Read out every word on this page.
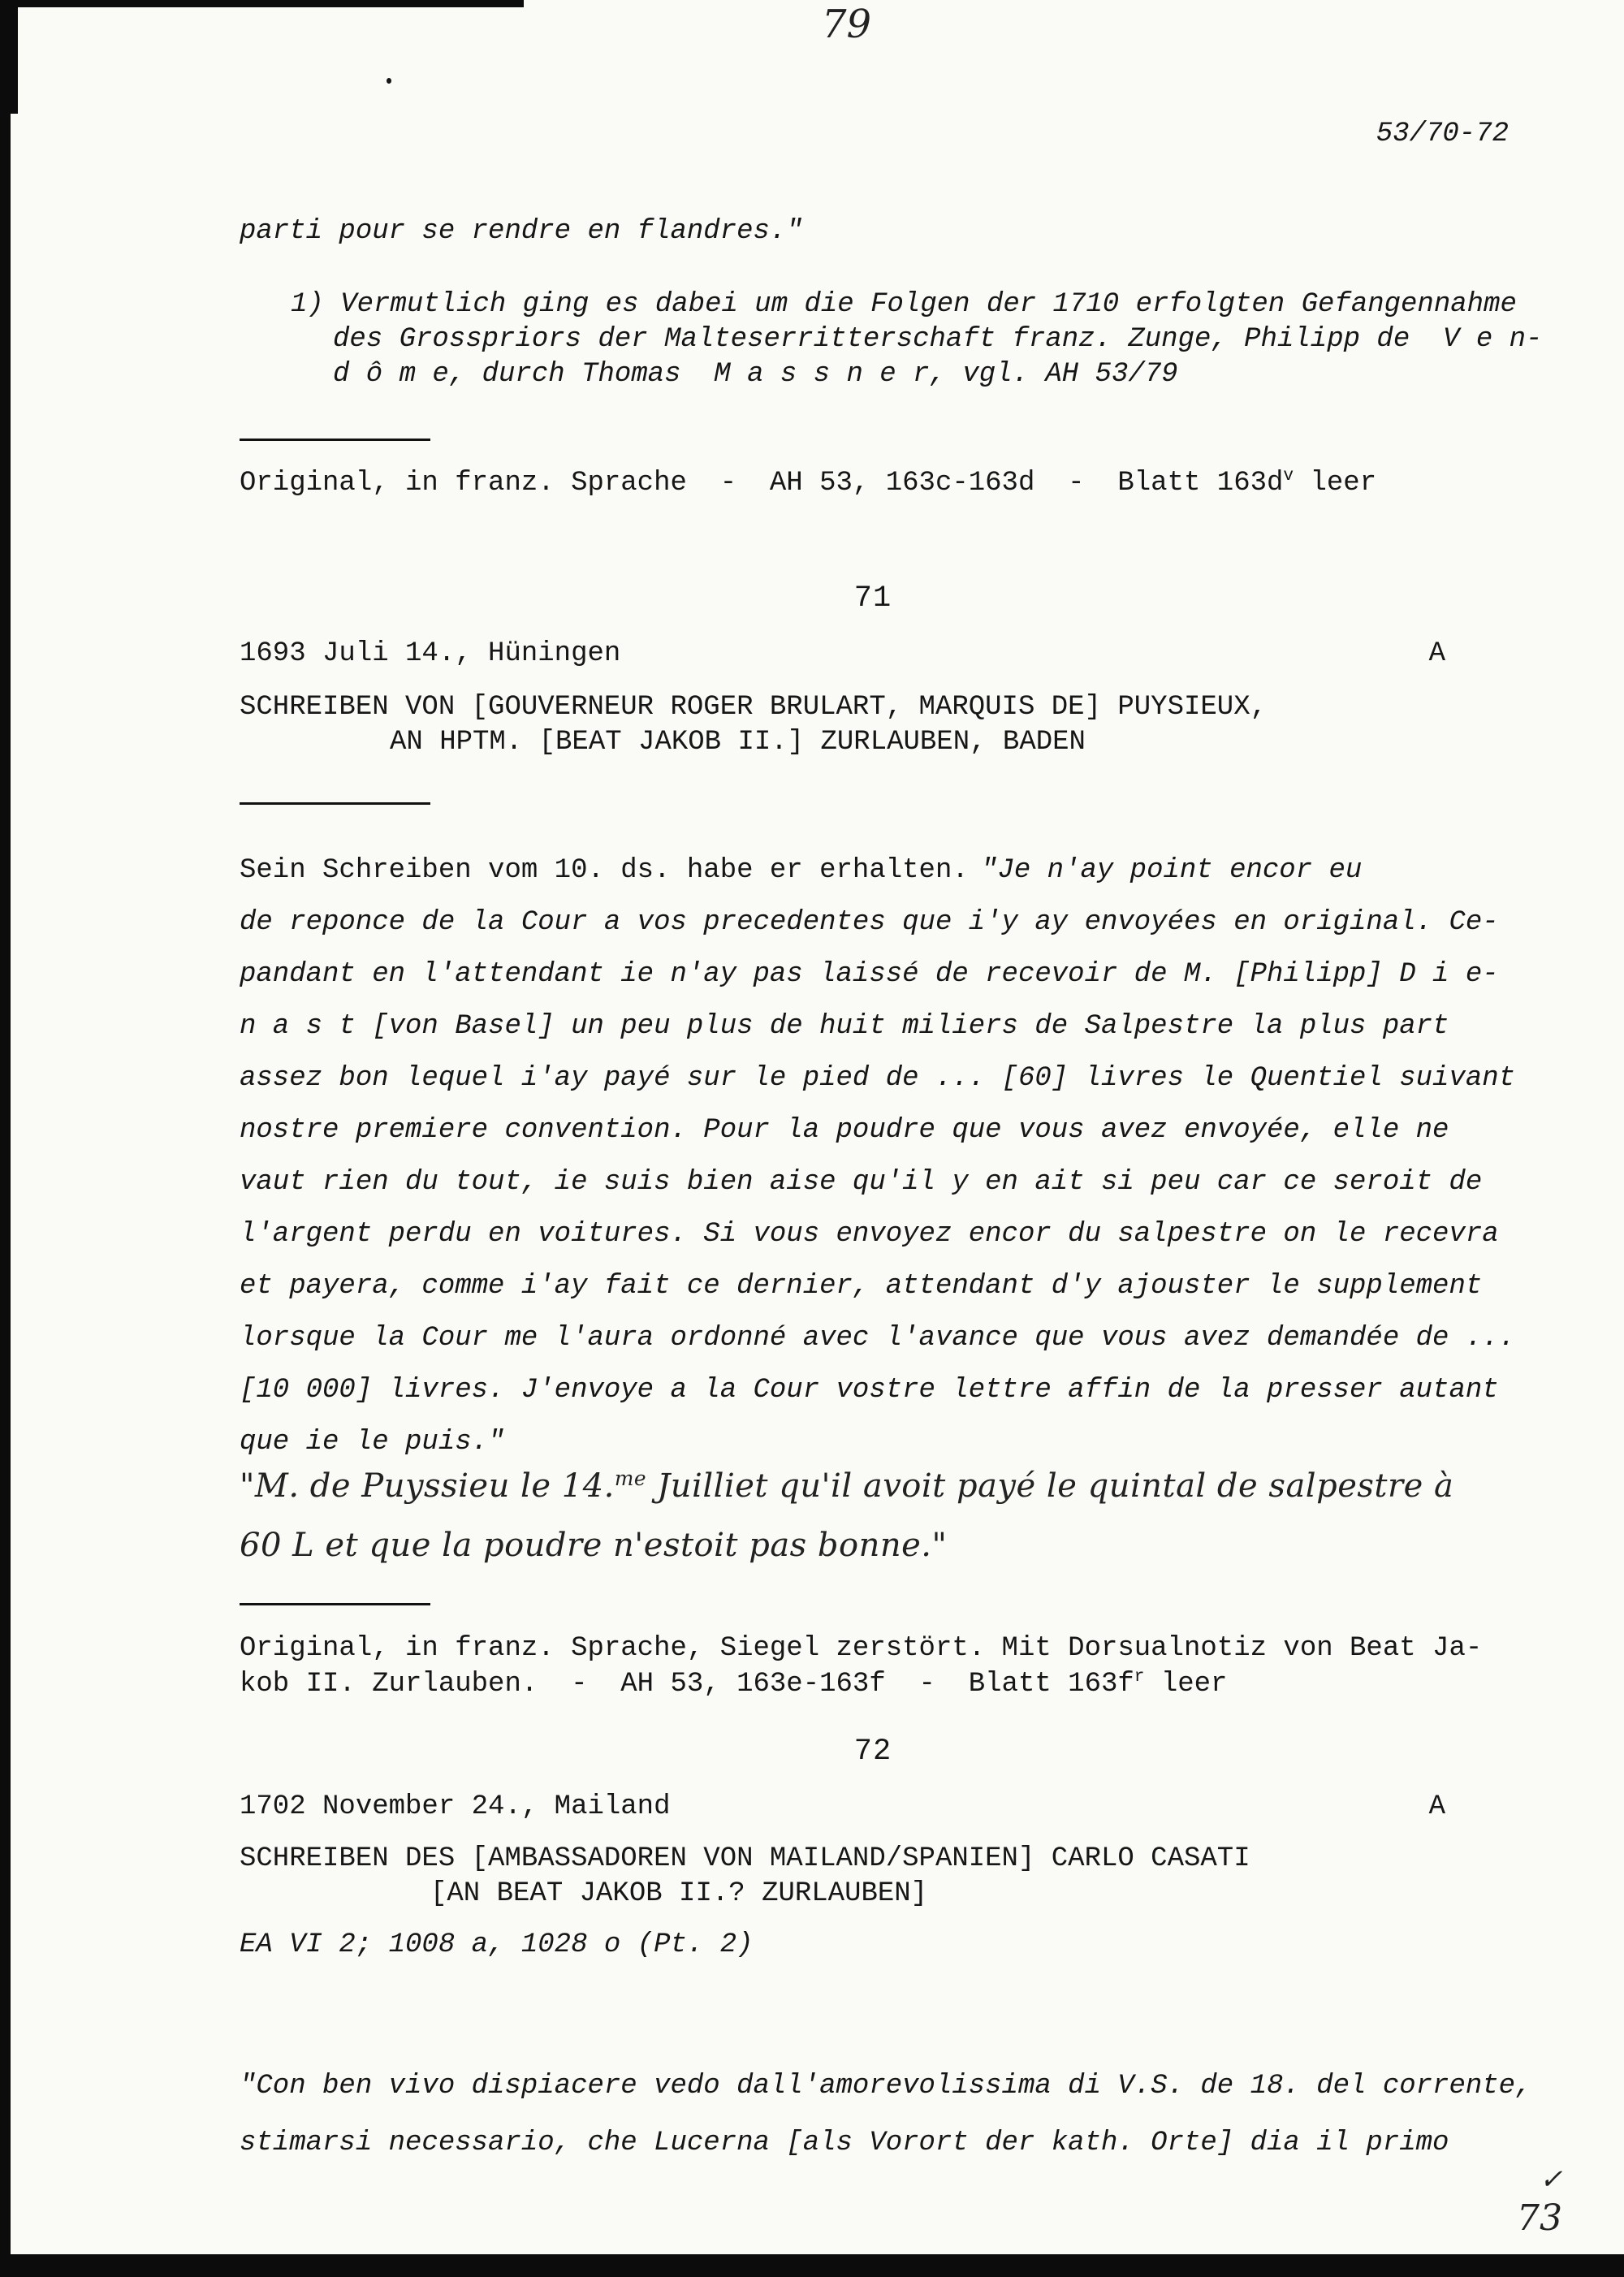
79
53/70-72
parti pour se rendre en flandres."
1) Vermutlich ging es dabei um die Folgen der 1710 erfolgten Gefangennahme
des Grosspriors der Malteserritterschaft franz. Zunge, Philipp de  V e n-
d ô m e, durch Thomas  M a s s n e r, vgl. AH 53/79
Original, in franz. Sprache  -  AH 53, 163c-163d  -  Blatt $163d^v$ leer
71
1693 Juli 14., Hüningen	A
SCHREIBEN VON [GOUVERNEUR ROGER BRULART, MARQUIS DE] PUYSIEUX,
AN HPTM. [BEAT JAKOB II.] ZURLAUBEN, BADEN
Sein Schreiben vom 10. ds. habe er erhalten. "Je n'ay point encor eu
de reponce de la Cour a vos precedentes que i'y ay envoyées en original. Ce-
pandant en l'attendant ie n'ay pas laissé de recevoir de M. [Philipp] D i e-
n a s t [von Basel] un peu plus de huit miliers de Salpestre la plus part
assez bon lequel i'ay payé sur le pied de ... [60] livres le Quentiel suivant
nostre premiere convention. Pour la poudre que vous avez envoyée, elle ne
vaut rien du tout, ie suis bien aise qu'il y en ait si peu car ce seroit de
l'argent perdu en voitures. Si vous envoyez encor du salpestre on le recevra
et payera, comme i'ay fait ce dernier, attendant d'y ajouster le supplement
lorsque la Cour me l'aura ordonné avec l'avance que vous avez demandée de ...
[10 000] livres. J'envoye a la Cour vostre lettre affin de la presser autant
que ie le puis."
"M. de Puyssieu le 14.$^{me}$ Juilliet qu'il avoit payé le quintal de salpestre à
60 L et que la poudre n'estoit pas bonne."
Original, in franz. Sprache, Siegel zerstört. Mit Dorsualnotiz von Beat Ja-
kob II. Zurlauben.  -  AH 53, 163e-163f  -  Blatt $163f^r$ leer
72
1702 November 24., Mailand	A
SCHREIBEN DES [AMBASSADOREN VON MAILAND/SPANIEN] CARLO CASATI
[AN BEAT JAKOB II.? ZURLAUBEN]
EA VI 2; 1008 a, 1028 o (Pt. 2)
"Con ben vivo dispiacere vedo dall'amorevolissima di V.S. de 18. del corrente,
stimarsi necessario, che Lucerna [als Vorort der kath. Orte] dia il primo
✓
73
